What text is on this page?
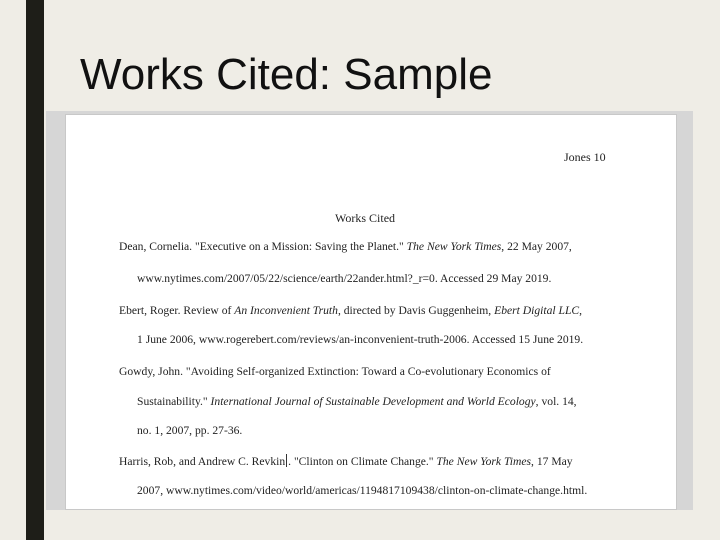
Works Cited: Sample
Jones 10
Works Cited
Dean, Cornelia. "Executive on a Mission: Saving the Planet." The New York Times, 22 May 2007,
www.nytimes.com/2007/05/22/science/earth/22ander.html?_r=0. Accessed 29 May 2019.
Ebert, Roger. Review of An Inconvenient Truth, directed by Davis Guggenheim, Ebert Digital LLC,
1 June 2006, www.rogerebert.com/reviews/an-inconvenient-truth-2006. Accessed 15 June 2019.
Gowdy, John. "Avoiding Self-organized Extinction: Toward a Co-evolutionary Economics of
Sustainability." International Journal of Sustainable Development and World Ecology, vol. 14,
no. 1, 2007, pp. 27-36.
Harris, Rob, and Andrew C. Revkin . "Clinton on Climate Change." The New York Times, 17 May
2007, www.nytimes.com/video/world/americas/1194817109438/clinton-on-climate-change.html.
